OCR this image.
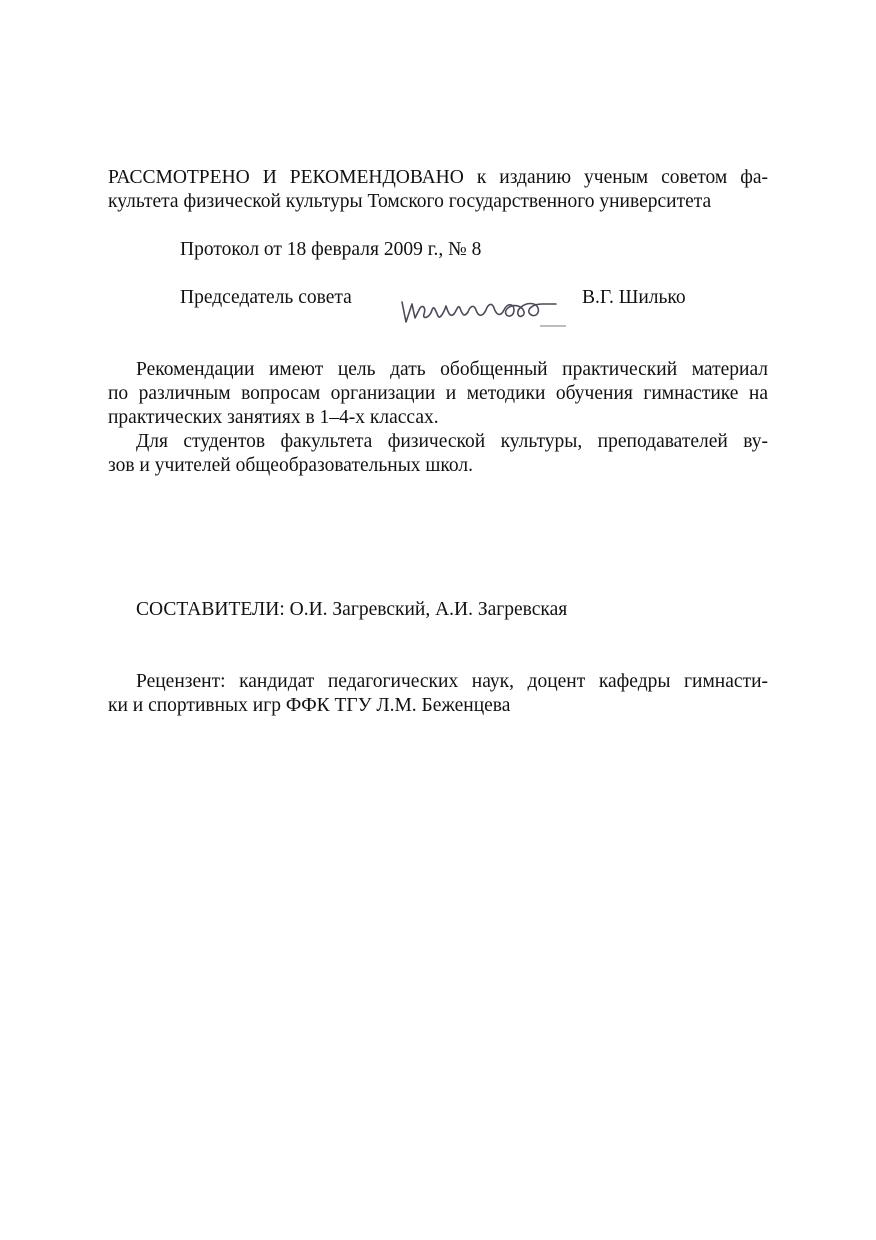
РАССМОТРЕНО И РЕКОМЕНДОВАНО к изданию ученым советом фа-
культета физической культуры Томского государственного университета
Протокол от 18 февраля 2009 г., № 8
Председатель совета	В.Г. Шилько
Рекомендации имеют цель дать обобщенный практический материал
по различным вопросам организации и методики обучения гимнастике на
практических занятиях в 1–4-х классах.
Для студентов факультета физической культуры, преподавателей ву-
зов и учителей общеобразовательных школ.
СОСТАВИТЕЛИ: О.И. Загревский, А.И. Загревская
Рецензент: кандидат педагогических наук, доцент кафедры гимнасти-
ки и спортивных игр ФФК ТГУ Л.М. Беженцева
